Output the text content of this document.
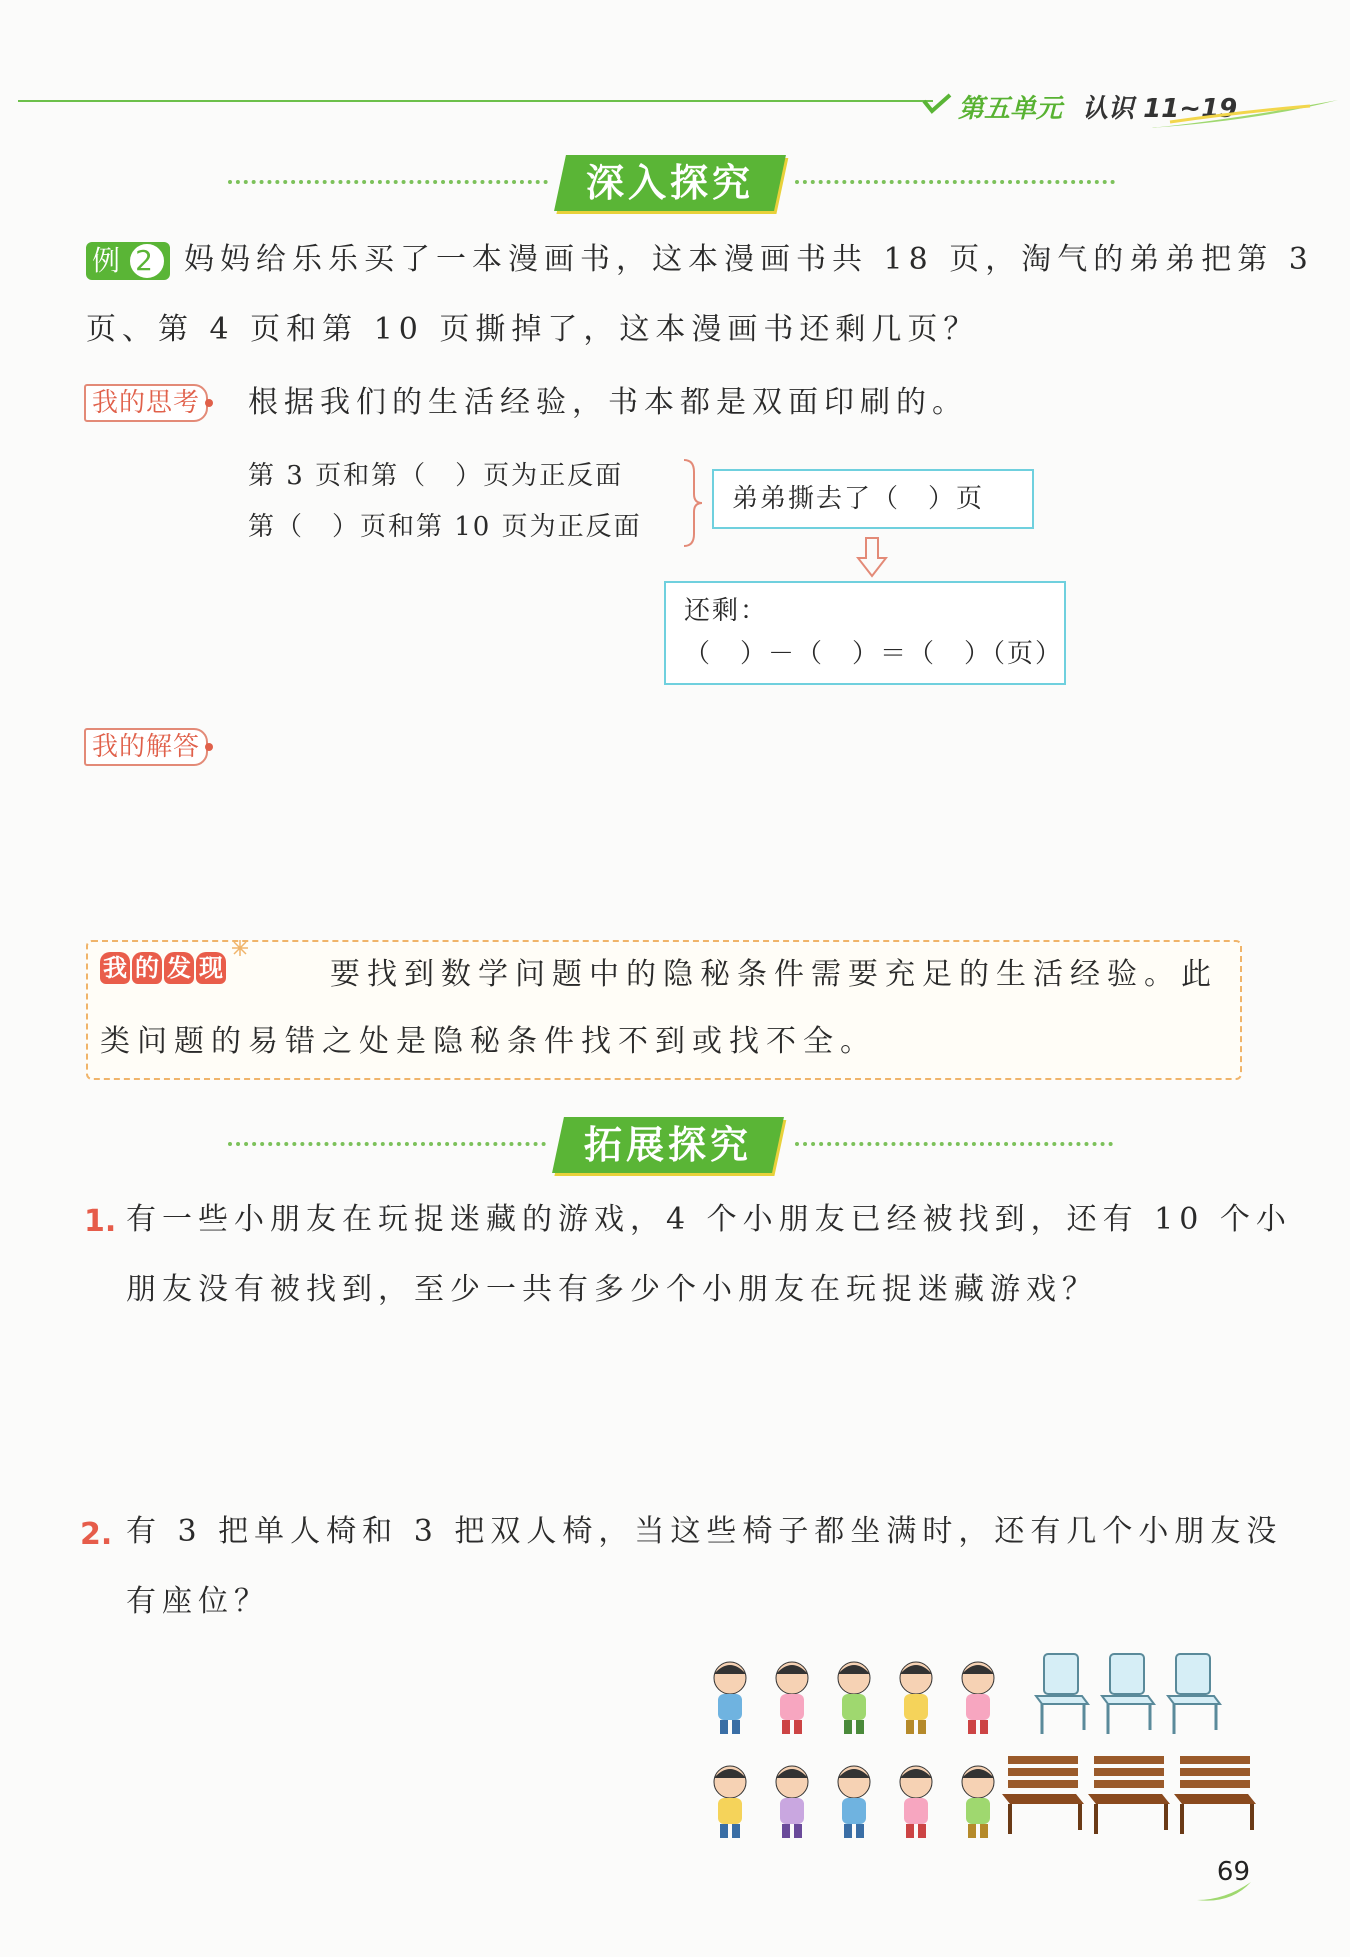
第五单元 认识 11~19
深入探究
例 2 妈妈给乐乐买了一本漫画书，这本漫画书共 18 页，淘气的弟弟把第 3
页、第 4 页和第 10 页撕掉了，这本漫画书还剩几页？
我的思考 根据我们的生活经验，书本都是双面印刷的。
第 3 页和第（　）页为正反面
第（　）页和第 10 页为正反面
弟弟撕去了（　）页
还剩：
（　）－（　）＝（　）（页）
我的解答
我 的 发 现	要找到数学问题中的隐秘条件需要充足的生活经验。此
类问题的易错之处是隐秘条件找不到或找不全。
拓展探究
1. 有一些小朋友在玩捉迷藏的游戏，4 个小朋友已经被找到，还有 10 个小
朋友没有被找到，至少一共有多少个小朋友在玩捉迷藏游戏？
2. 有 3 把单人椅和 3 把双人椅，当这些椅子都坐满时，还有几个小朋友没
有座位？
69
